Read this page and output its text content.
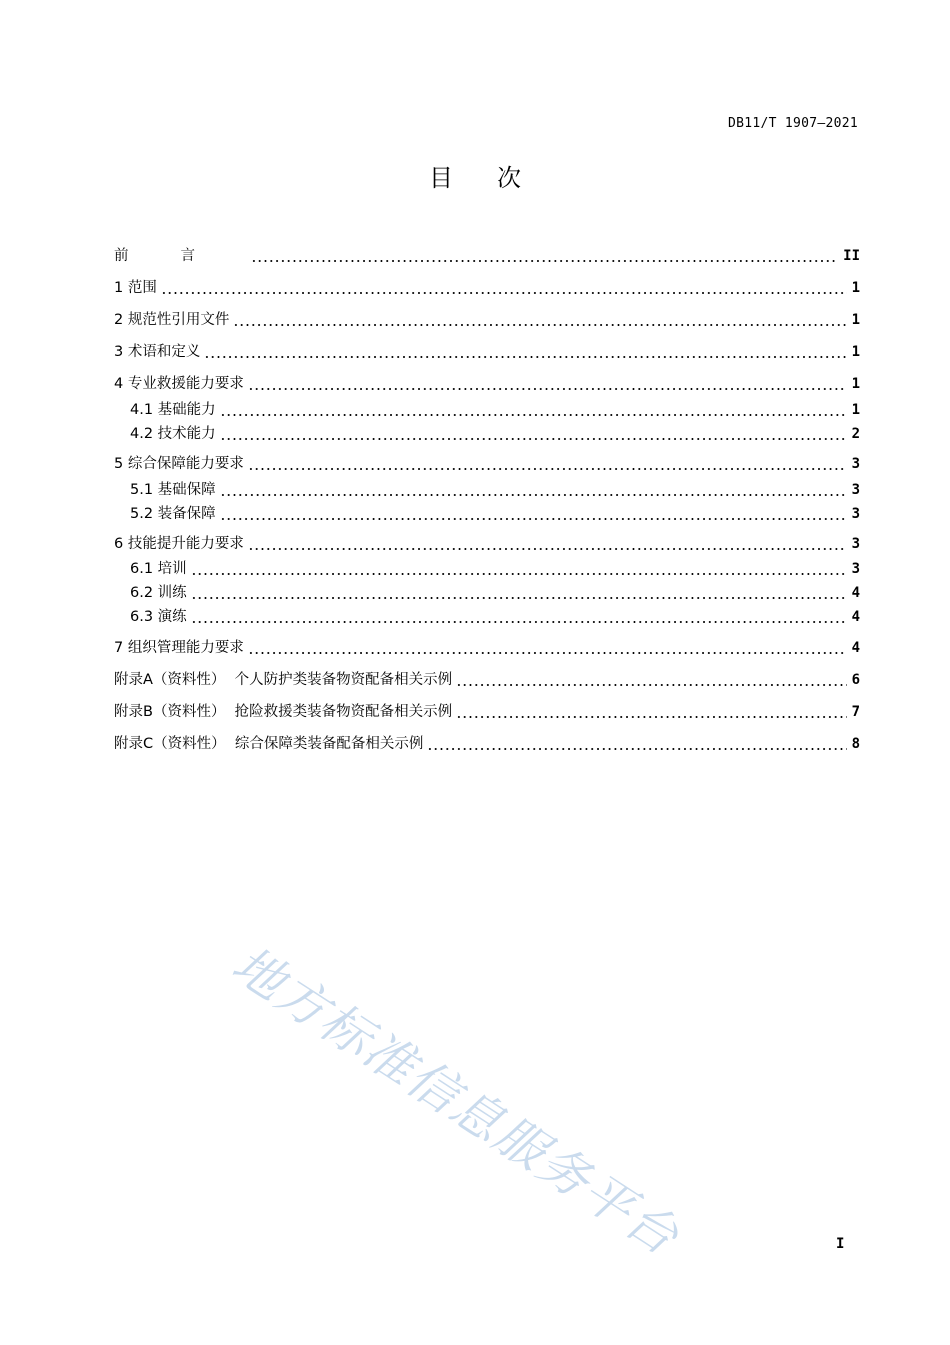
DB11/T 1907—2021
目 次
地方标准信息服务平台
前言	II
1 范围	1
2 规范性引用文件	1
3 术语和定义	1
4 专业救援能力要求	1
4.1 基础能力	1
4.2 技术能力	2
5 综合保障能力要求	3
5.1 基础保障	3
5.2 装备保障	3
6 技能提升能力要求	3
6.1 培训	3
6.2 训练	4
6.3 演练	4
7 组织管理能力要求	4
附录A（资料性） 个人防护类装备物资配备相关示例	6
附录B（资料性） 抢险救援类装备物资配备相关示例	7
附录C（资料性） 综合保障类装备配备相关示例	8
I
